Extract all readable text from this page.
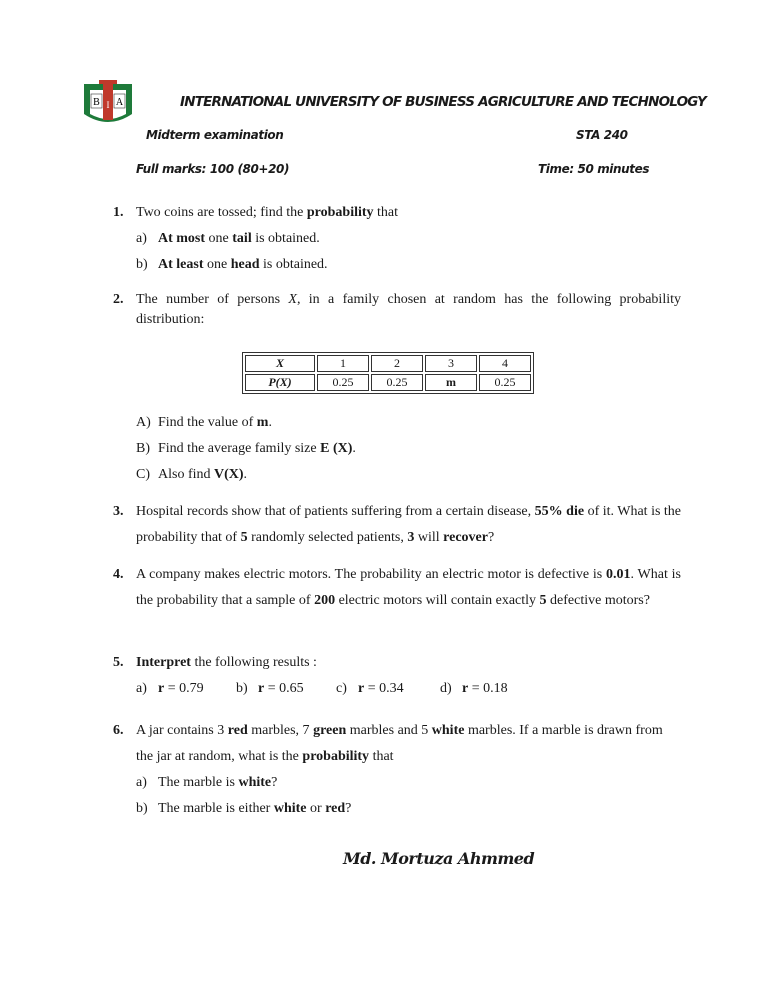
B I A	INTERNATIONAL UNIVERSITY OF BUSINESS AGRICULTURE AND TECHNOLOGY
Midterm examination	STA 240
Full marks: 100 (80+20)	Time: 50 minutes
1. Two coins are tossed; find the probability that
a) At most one tail is obtained.
b) At least one head is obtained.
2. The number of persons X, in a family chosen at random has the following probability distribution:
X	1	2	3	4
P(X)	0.25	0.25	m	0.25
A) Find the value of m.
B) Find the average family size E (X).
C) Also find V(X).
3. Hospital records show that of patients suffering from a certain disease, 55% die of it. What is the probability that of 5 randomly selected patients, 3 will recover?
4. A company makes electric motors. The probability an electric motor is defective is 0.01. What is the probability that a sample of 200 electric motors will contain exactly 5 defective motors?
5. Interpret the following results :
a) r = 0.79 b) r = 0.65 c) r = 0.34	d) r = 0.18
6. A jar contains 3 red marbles, 7 green marbles and 5 white marbles. If a marble is drawn from the jar at random, what is the probability that
a) The marble is white?
b) The marble is either white or red?
Md. Mortuza Ahmmed
